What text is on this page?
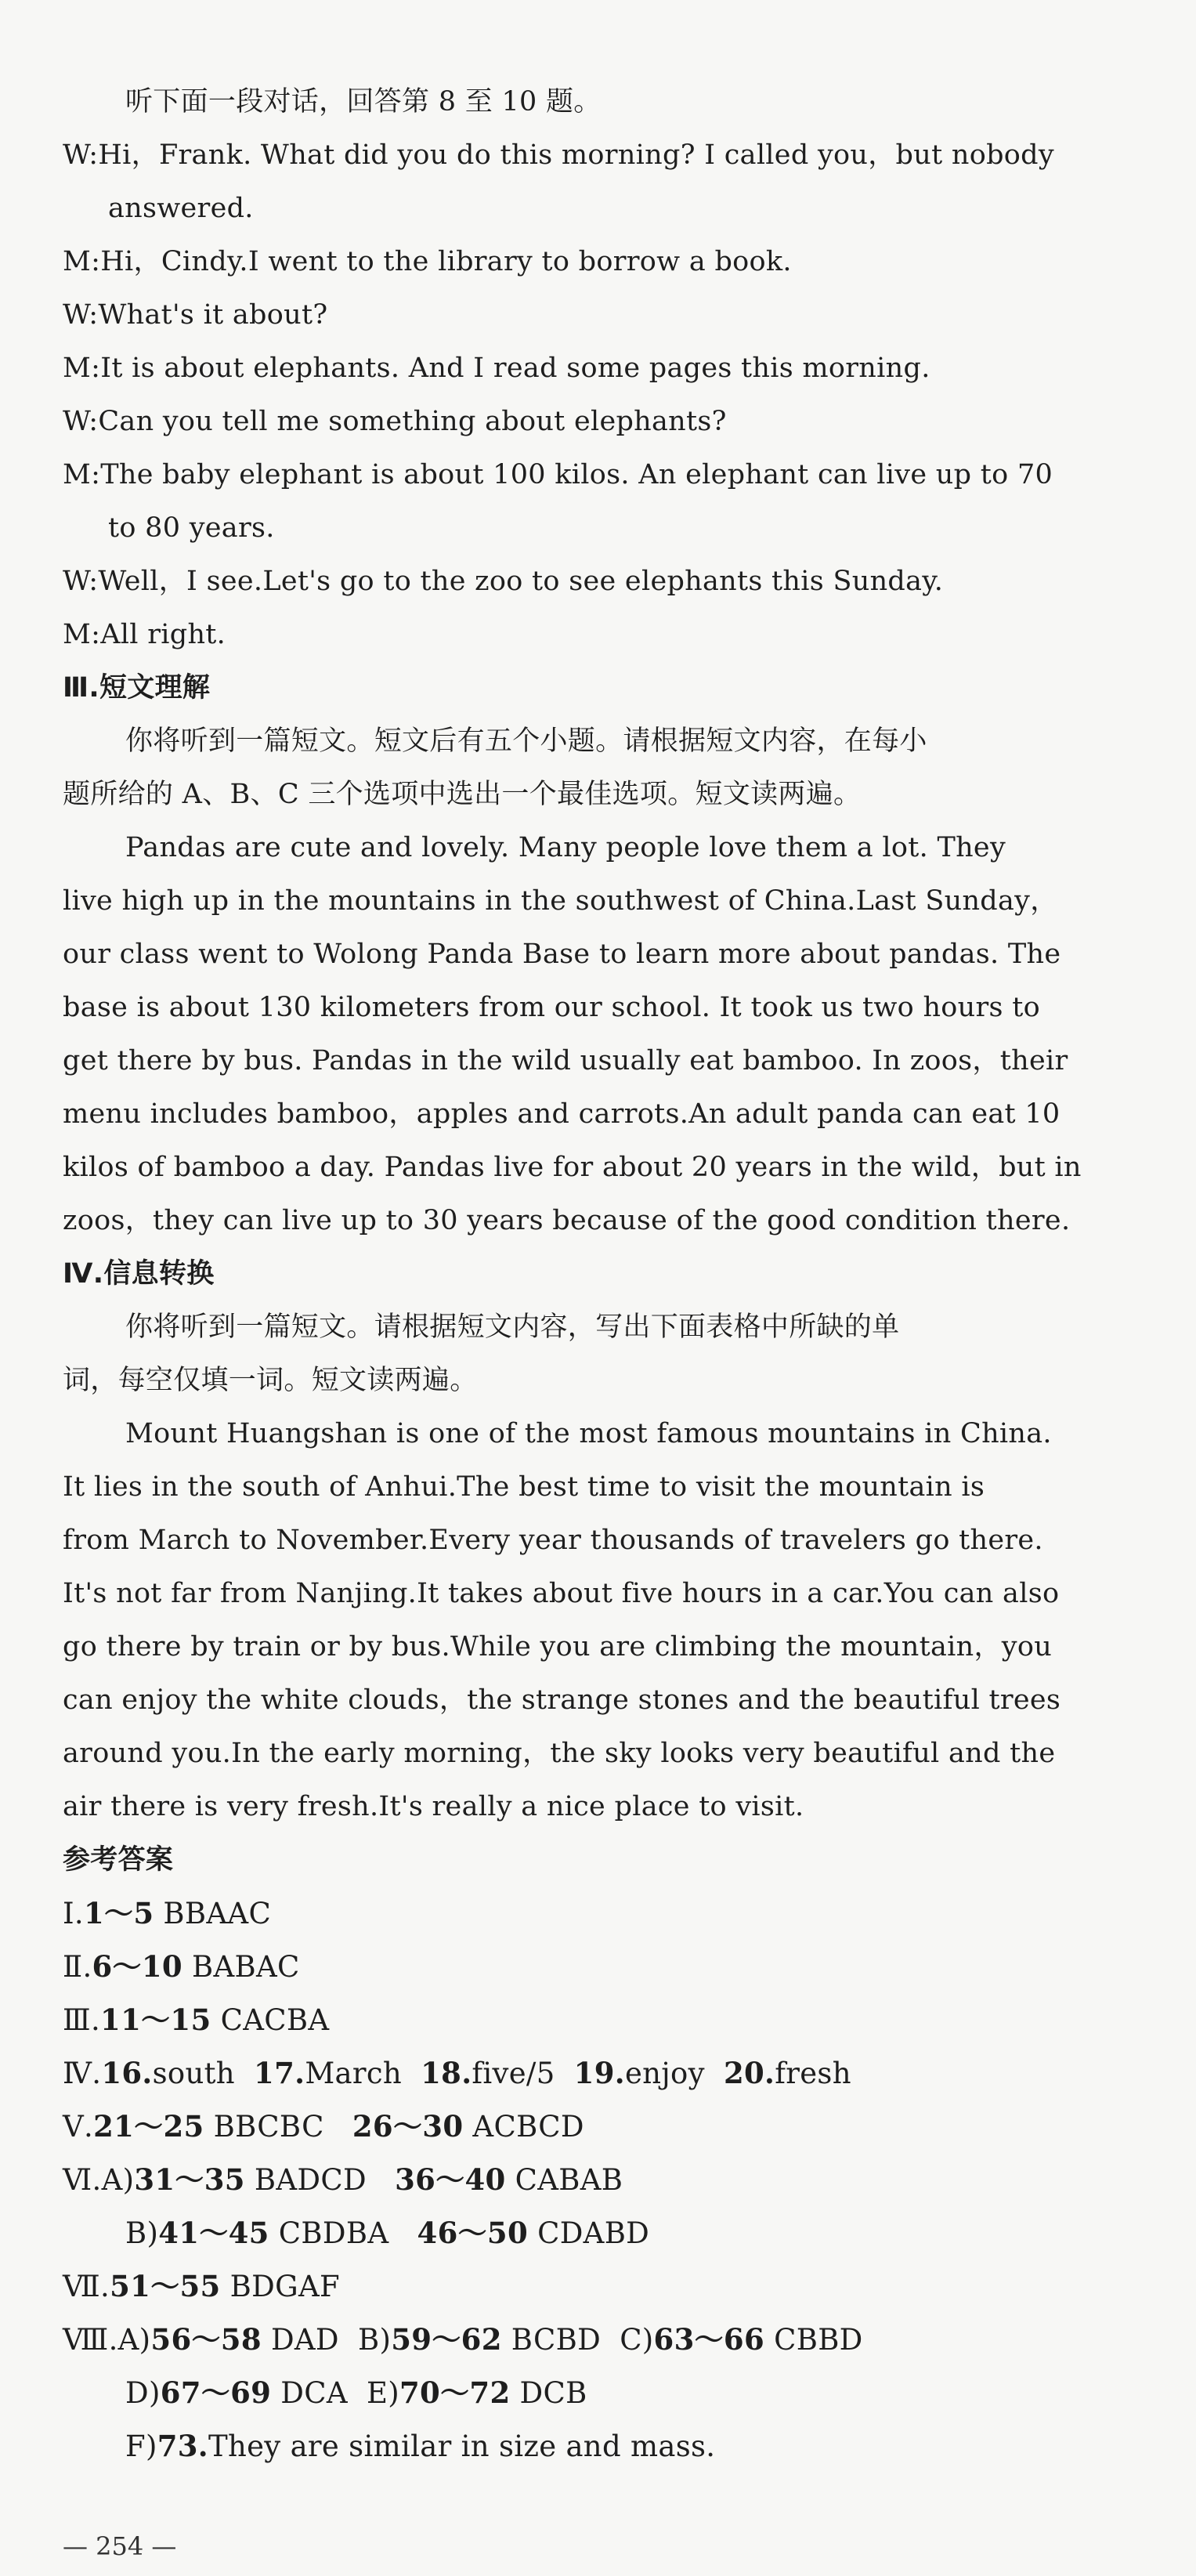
听下面一段对话，回答第 8 至 10 题。
W:Hi，Frank. What did you do this morning? I called you，but nobody
answered.
M:Hi，Cindy.I went to the library to borrow a book.
W:What's it about?
M:It is about elephants. And I read some pages this morning.
W:Can you tell me something about elephants?
M:The baby elephant is about 100 kilos. An elephant can live up to 70
to 80 years.
W:Well，I see.Let's go to the zoo to see elephants this Sunday.
M:All right.
Ⅲ.短文理解
你将听到一篇短文。短文后有五个小题。请根据短文内容，在每小
题所给的 A、B、C 三个选项中选出一个最佳选项。短文读两遍。
Pandas are cute and lovely. Many people love them a lot. They
live high up in the mountains in the southwest of China.Last Sunday，
our class went to Wolong Panda Base to learn more about pandas. The
base is about 130 kilometers from our school. It took us two hours to
get there by bus. Pandas in the wild usually eat bamboo. In zoos，their
menu includes bamboo，apples and carrots.An adult panda can eat 10
kilos of bamboo a day. Pandas live for about 20 years in the wild，but in
zoos，they can live up to 30 years because of the good condition there.
Ⅳ.信息转换
你将听到一篇短文。请根据短文内容，写出下面表格中所缺的单
词，每空仅填一词。短文读两遍。
Mount Huangshan is one of the most famous mountains in China.
It lies in the south of Anhui.The best time to visit the mountain is
from March to November.Every year thousands of travelers go there.
It's not far from Nanjing.It takes about five hours in a car.You can also
go there by train or by bus.While you are climbing the mountain，you
can enjoy the white clouds，the strange stones and the beautiful trees
around you.In the early morning，the sky looks very beautiful and the
air there is very fresh.It's really a nice place to visit.
参考答案
Ⅰ.1～5 BBAAC
Ⅱ.6～10 BABAC
Ⅲ.11～15 CACBA
Ⅳ.16.south  17.March  18.five/5  19.enjoy  20.fresh
Ⅴ.21～25 BBCBC   26～30 ACBCD
Ⅵ.A)31～35 BADCD   36～40 CABAB
B)41～45 CBDBA   46～50 CDABD
Ⅶ.51～55 BDGAF
Ⅷ.A)56～58 DAD  B)59～62 BCBD  C)63～66 CBBD
D)67～69 DCA  E)70～72 DCB
F)73.They are similar in size and mass.
— 254 —
